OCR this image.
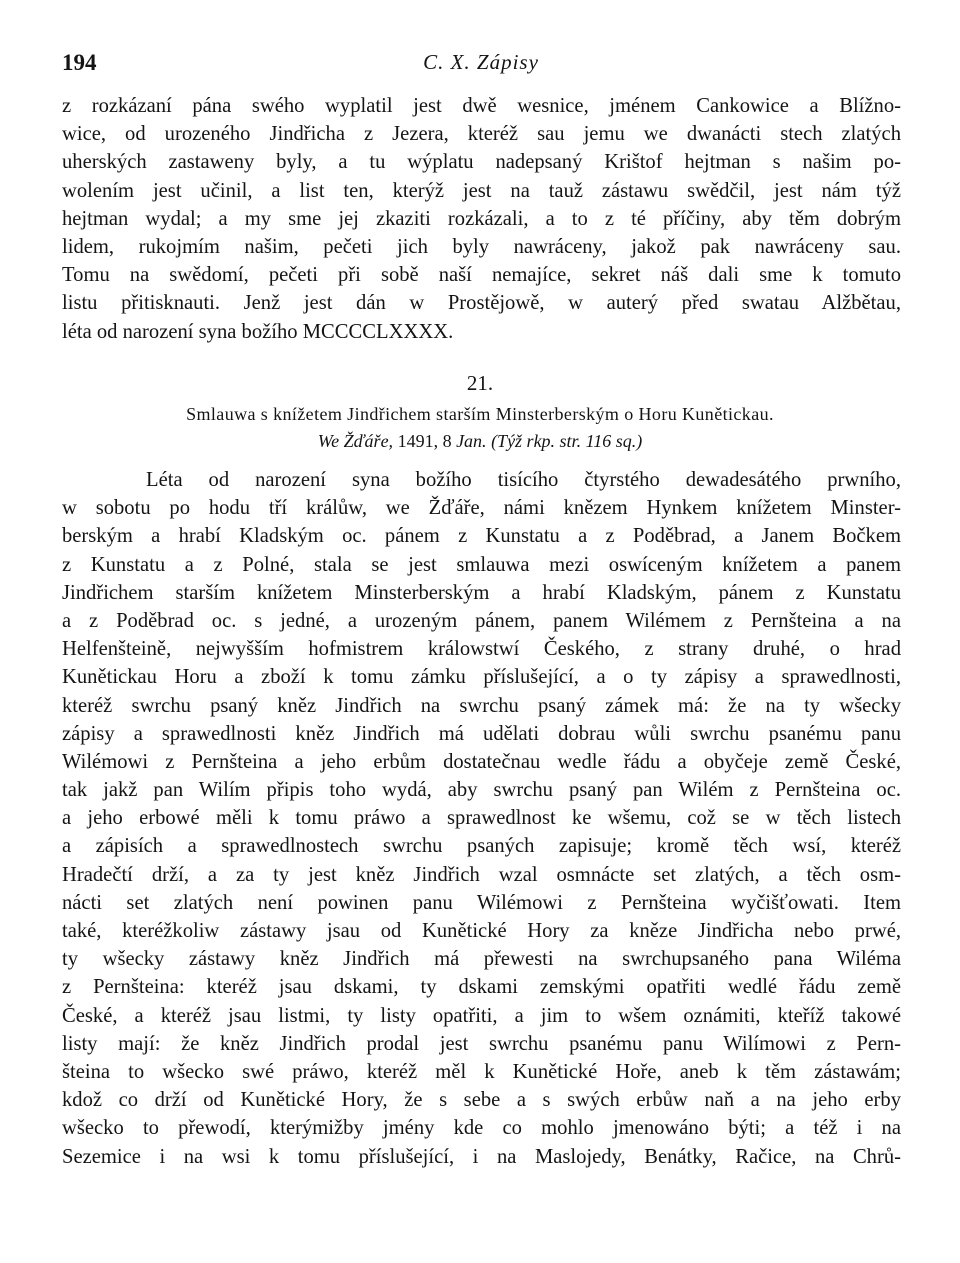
194	C. X. Zápisy
z rozkázaní pána swého wyplatil jest dwě wesnice, jménem Cankowice a Blížno-
wice, od urozeného Jindřicha z Jezera, kteréž sau jemu we dwanácti stech zlatých
uherských zastaweny byly, a tu wýplatu nadepsaný Krištof hejtman s našim po-
wolením jest učinil, a list ten, kterýž jest na tauž zástawu swědčil, jest nám týž
hejtman wydal; a my sme jej zkaziti rozkázali, a to z té příčiny, aby těm dobrým
lidem, rukojmím našim, pečeti jich byly nawráceny, jakož pak nawráceny sau.
Tomu na swědomí, pečeti při sobě naší nemajíce, sekret náš dali sme k tomuto
listu přitisknauti. Jenž jest dán w Prostějowě, w auterý před swatau Alžbětau,
léta od narození syna božího MCCCCLXXXX.
21.
Smlauwa s knížetem Jindřichem starším Minsterberským o Horu Kunětickau.
We Žďáře, 1491, 8 Jan. (Týž rkp. str. 116 sq.)
Léta od narození syna božího tisícího čtyrstého dewadesátého prwního,
w sobotu po hodu tří králůw, we Žďáře, námi knězem Hynkem knížetem Minster-
berským a hrabí Kladským oc. pánem z Kunstatu a z Poděbrad, a Janem Bočkem
z Kunstatu a z Polné, stala se jest smlauwa mezi oswíceným knížetem a panem
Jindřichem starším knížetem Minsterberským a hrabí Kladským, pánem z Kunstatu
a z Poděbrad oc. s jedné, a urozeným pánem, panem Wilémem z Pernšteina a na
Helfenšteině, nejwyšším hofmistrem králowstwí Českého, z strany druhé, o hrad
Kunětickau Horu a zboží k tomu zámku příslušející, a o ty zápisy a sprawedlnosti,
kteréž swrchu psaný kněz Jindřich na swrchu psaný zámek má: že na ty wšecky
zápisy a sprawedlnosti kněz Jindřich má udělati dobrau wůli swrchu psanému panu
Wilémowi z Pernšteina a jeho erbům dostatečnau wedle řádu a obyčeje země České,
tak jakž pan Wilím připis toho wydá, aby swrchu psaný pan Wilém z Pernšteina oc.
a jeho erbowé měli k tomu práwo a sprawedlnost ke wšemu, což se w těch listech
a zápisích a sprawedlnostech swrchu psaných zapisuje; kromě těch wsí, kteréž
Hradečtí drží, a za ty jest kněz Jindřich wzal osmnácte set zlatých, a těch osm-
nácti set zlatých není powinen panu Wilémowi z Pernšteina wyčišťowati. Item
také, kteréžkoliw zástawy jsau od Kunětické Hory za kněze Jindřicha nebo prwé,
ty wšecky zástawy kněz Jindřich má přewesti na swrchupsaného pana Wiléma
z Pernšteina: kteréž jsau dskami, ty dskami zemskými opatřiti wedlé řádu země
České, a kteréž jsau listmi, ty listy opatřiti, a jim to wšem oznámiti, kteříž takowé
listy mají: že kněz Jindřich prodal jest swrchu psanému panu Wilímowi z Pern-
šteina to wšecko swé práwo, kteréž měl k Kunětické Hoře, aneb k těm zástawám;
kdož co drží od Kunětické Hory, že s sebe a s swých erbůw naň a na jeho erby
wšecko to přewodí, kterýmižby jmény kde co mohlo jmenowáno býti; a též i na
Sezemice i na wsi k tomu příslušející, i na Maslojedy, Benátky, Račice, na Chrů-
